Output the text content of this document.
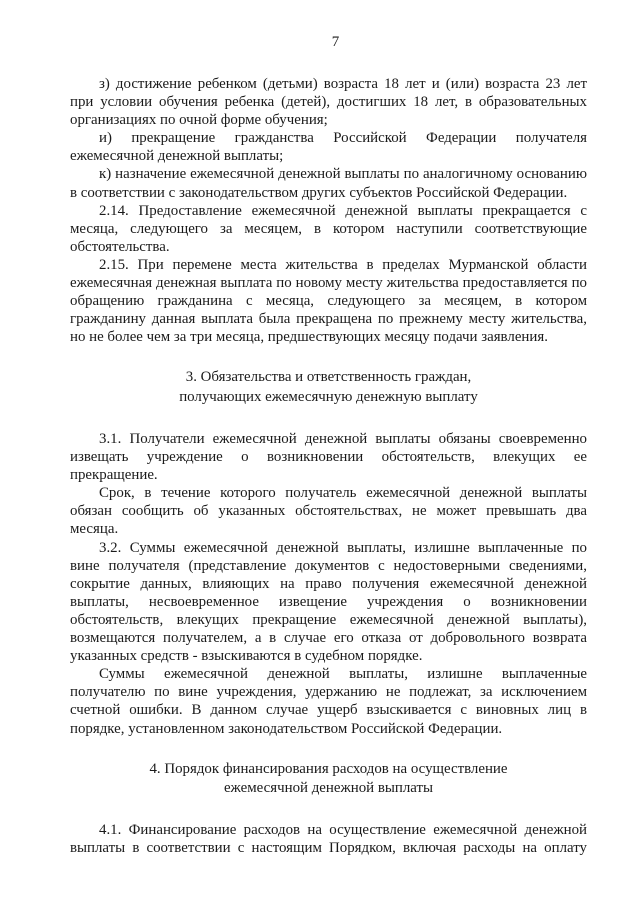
7

з) достижение ребенком (детьми) возраста 18 лет и (или) возраста 23 лет при условии обучения ребенка (детей), достигших 18 лет, в образовательных организациях по очной форме обучения;

и) прекращение гражданства Российской Федерации получателя ежемесячной денежной выплаты;

к) назначение ежемесячной денежной выплаты по аналогичному основанию в соответствии с законодательством других субъектов Российской Федерации.

2.14. Предоставление ежемесячной денежной выплаты прекращается с месяца, следующего за месяцем, в котором наступили соответствующие обстоятельства.

2.15. При перемене места жительства в пределах Мурманской области ежемесячная денежная выплата по новому месту жительства предоставляется по обращению гражданина с месяца, следующего за месяцем, в котором гражданину данная выплата была прекращена по прежнему месту жительства, но не более чем за три месяца, предшествующих месяцу подачи заявления.

3. Обязательства и ответственность граждан,
получающих ежемесячную денежную выплату

3.1. Получатели ежемесячной денежной выплаты обязаны своевременно извещать учреждение о возникновении обстоятельств, влекущих ее прекращение.

Срок, в течение которого получатель ежемесячной денежной выплаты обязан сообщить об указанных обстоятельствах, не может превышать два месяца.

3.2. Суммы ежемесячной денежной выплаты, излишне выплаченные по вине получателя (представление документов с недостоверными сведениями, сокрытие данных, влияющих на право получения ежемесячной денежной выплаты, несвоевременное извещение учреждения о возникновении обстоятельств, влекущих прекращение ежемесячной денежной выплаты), возмещаются получателем, а в случае его отказа от добровольного возврата указанных средств - взыскиваются в судебном порядке.

Суммы ежемесячной денежной выплаты, излишне выплаченные получателю по вине учреждения, удержанию не подлежат, за исключением счетной ошибки. В данном случае ущерб взыскивается с виновных лиц в порядке, установленном законодательством Российской Федерации.

4. Порядок финансирования расходов на осуществление
ежемесячной денежной выплаты

4.1. Финансирование расходов на осуществление ежемесячной денежной выплаты в соответствии с настоящим Порядком, включая расходы на оплату
